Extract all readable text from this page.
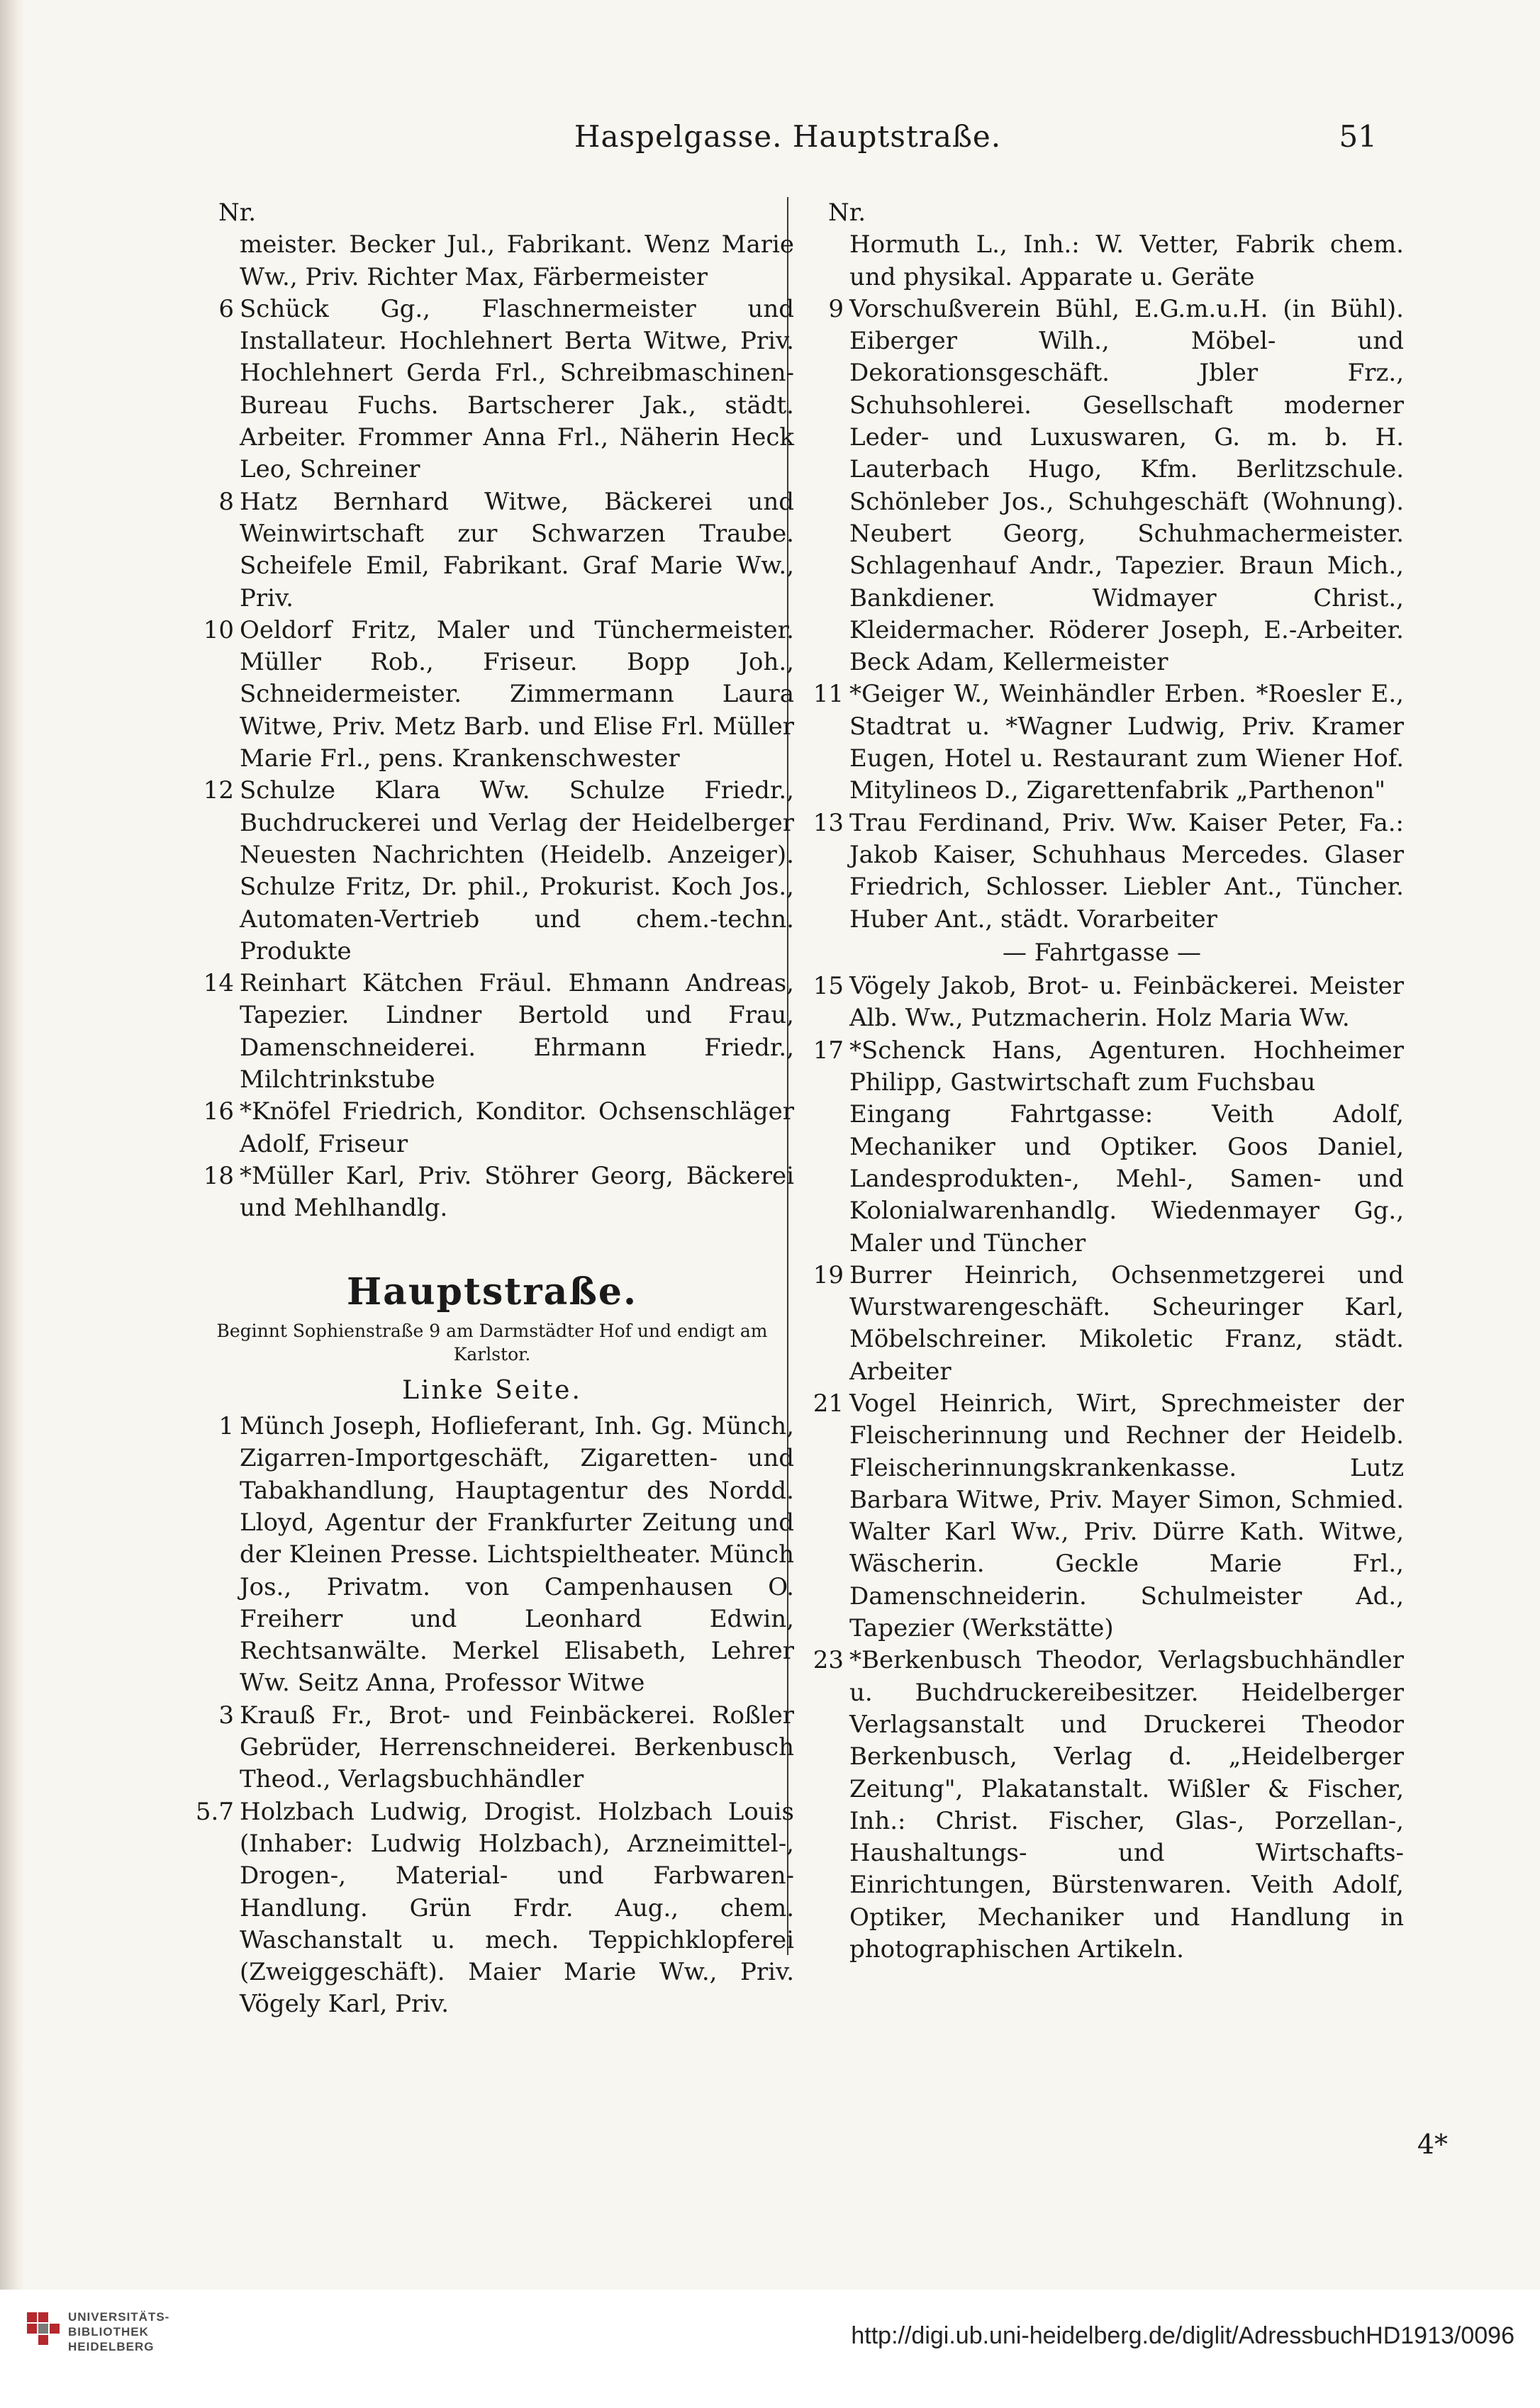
Haspelgasse. Hauptstraße.	51
Nr.
meister. Becker Jul., Fabrikant. Wenz Marie Ww., Priv. Richter Max, Färbermeister
6 Schück Gg., Flaschnermeister und Installateur. Hochlehnert Berta Witwe, Priv. Hochlehnert Gerda Frl., Schreibmaschinen-Bureau Fuchs. Bartscherer Jak., städt. Arbeiter. Frommer Anna Frl., Näherin Heck Leo, Schreiner
8 Hatz Bernhard Witwe, Bäckerei und Weinwirtschaft zur Schwarzen Traube. Scheifele Emil, Fabrikant. Graf Marie Ww., Priv.
10 Oeldorf Fritz, Maler und Tünchermeister. Müller Rob., Friseur. Bopp Joh., Schneidermeister. Zimmermann Laura Witwe, Priv. Metz Barb. und Elise Frl. Müller Marie Frl., pens. Krankenschwester
12 Schulze Klara Ww. Schulze Friedr., Buchdruckerei und Verlag der Heidelberger Neuesten Nachrichten (Heidelb. Anzeiger). Schulze Fritz, Dr. phil., Prokurist. Koch Jos., Automaten-Vertrieb und chem.-techn. Produkte
14 Reinhart Kätchen Fräul. Ehmann Andreas, Tapezier. Lindner Bertold und Frau, Damenschneiderei. Ehrmann Friedr., Milchtrinkstube
16 *Knöfel Friedrich, Konditor. Ochsenschläger Adolf, Friseur
18 *Müller Karl, Priv. Stöhrer Georg, Bäckerei und Mehlhandlg.
Hauptstraße.
Beginnt Sophienstraße 9 am Darmstädter Hof und endigt am Karlstor.
Linke Seite.
1 Münch Joseph, Hoflieferant, Inh. Gg. Münch, Zigarren-Importgeschäft, Zigaretten- und Tabakhandlung, Hauptagentur des Nordd. Lloyd, Agentur der Frankfurter Zeitung und der Kleinen Presse. Lichtspieltheater. Münch Jos., Privatm. von Campenhausen O. Freiherr und Leonhard Edwin, Rechtsanwälte. Merkel Elisabeth, Lehrer Ww. Seitz Anna, Professor Witwe
3 Krauß Fr., Brot- und Feinbäckerei. Roßler Gebrüder, Herrenschneiderei. Berkenbusch Theod., Verlagsbuchhändler
5.7 Holzbach Ludwig, Drogist. Holzbach Louis (Inhaber: Ludwig Holzbach), Arzneimittel-, Drogen-, Material- und Farbwaren-Handlung. Grün Frdr. Aug., chem. Waschanstalt u. mech. Teppichklopferei (Zweiggeschäft). Maier Marie Ww., Priv. Vögely Karl, Priv.
Nr.
Hormuth L., Inh.: W. Vetter, Fabrik chem. und physikal. Apparate u. Geräte
9 Vorschußverein Bühl, E.G.m.u.H. (in Bühl). Eiberger Wilh., Möbel- und Dekorationsgeschäft. Jbler Frz., Schuhsohlerei. Gesellschaft moderner Leder- und Luxuswaren, G. m. b. H. Lauterbach Hugo, Kfm. Berlitzschule. Schönleber Jos., Schuhgeschäft (Wohnung). Neubert Georg, Schuhmachermeister. Schlagenhauf Andr., Tapezier. Braun Mich., Bankdiener. Widmayer Christ., Kleidermacher. Röderer Joseph, E.-Arbeiter. Beck Adam, Kellermeister
11 *Geiger W., Weinhändler Erben. *Roesler E., Stadtrat u. *Wagner Ludwig, Priv. Kramer Eugen, Hotel u. Restaurant zum Wiener Hof. Mitylineos D., Zigarettenfabrik „Parthenon"
13 Trau Ferdinand, Priv. Ww. Kaiser Peter, Fa.: Jakob Kaiser, Schuhhaus Mercedes. Glaser Friedrich, Schlosser. Liebler Ant., Tüncher. Huber Ant., städt. Vorarbeiter
— Fahrtgasse —
15 Vögely Jakob, Brot- u. Feinbäckerei. Meister Alb. Ww., Putzmacherin. Holz Maria Ww.
17 *Schenck Hans, Agenturen. Hochheimer Philipp, Gastwirtschaft zum Fuchsbau
Eingang Fahrtgasse: Veith Adolf, Mechaniker und Optiker. Goos Daniel, Landesprodukten-, Mehl-, Samen- und Kolonialwarenhandlg. Wiedenmayer Gg., Maler und Tüncher
19 Burrer Heinrich, Ochsenmetzgerei und Wurstwarengeschäft. Scheuringer Karl, Möbelschreiner. Mikoletic Franz, städt. Arbeiter
21 Vogel Heinrich, Wirt, Sprechmeister der Fleischerinnung und Rechner der Heidelb. Fleischerinnungskrankenkasse. Lutz Barbara Witwe, Priv. Mayer Simon, Schmied. Walter Karl Ww., Priv. Dürre Kath. Witwe, Wäscherin. Geckle Marie Frl., Damenschneiderin. Schulmeister Ad., Tapezier (Werkstätte)
23 *Berkenbusch Theodor, Verlagsbuchhändler u. Buchdruckereibesitzer. Heidelberger Verlagsanstalt und Druckerei Theodor Berkenbusch, Verlag d. „Heidelberger Zeitung", Plakatanstalt. Wißler & Fischer, Inh.: Christ. Fischer, Glas-, Porzellan-, Haushaltungs- und Wirtschafts-Einrichtungen, Bürstenwaren. Veith Adolf, Optiker, Mechaniker und Handlung in photographischen Artikeln.
4*
UNIVERSITÄTS-
BIBLIOTHEK
HEIDELBERG	http://digi.ub.uni-heidelberg.de/diglit/AdressbuchHD1913/0096
